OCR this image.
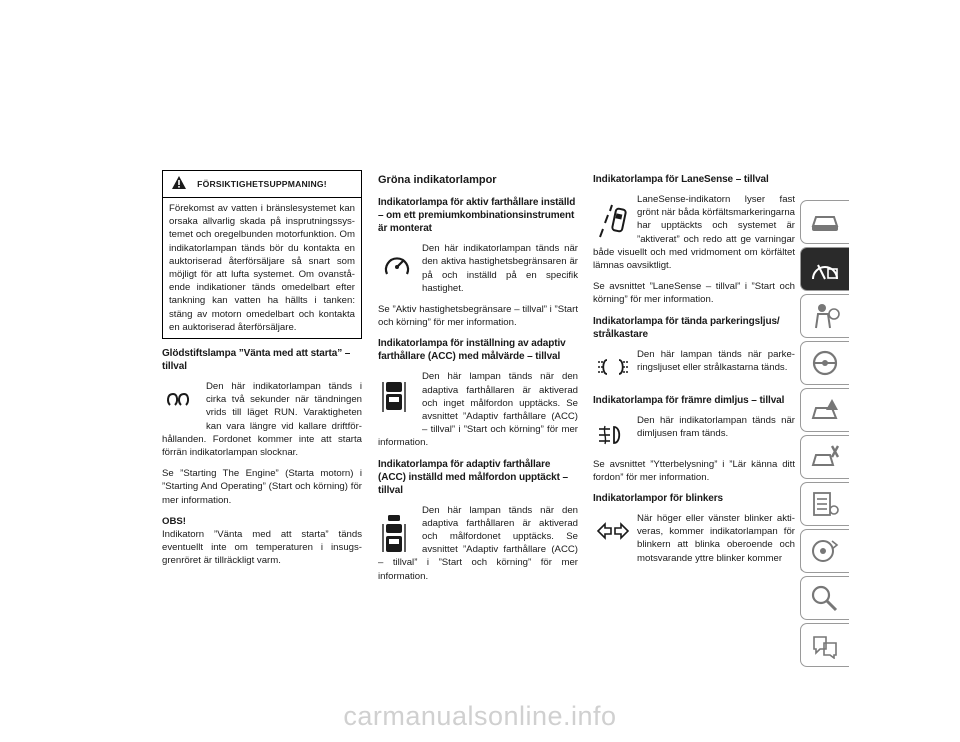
FÖRSIKTIGHETSUPPMANING!
Förekomst av vatten i bränslesystemet kan orsaka allvarlig skada på insprutningssystemet och oregelbunden motorfunktion. Om indikatorlampan tänds bör du kontakta en auktoriserad återförsäljare så snart som möjligt för att lufta systemet. Om ovanstående indikationer tänds omedelbart efter tankning kan vatten ha hällts i tanken: stäng av motorn omedelbart och kontakta en auktoriserad återförsäljare.
Glödstiftslampa ”Vänta med att starta” – tillval

Den här indikatorlampan tänds i cirka två sekunder när tändningen vrids till läget RUN. Varaktigheten kan vara längre vid kallare driftförhållanden. Fordonet kommer inte att starta förrän indikatorlampan slocknar.

Se ”Starting The Engine” (Starta motorn) i ”Starting And Operating” (Start och körning) för mer information.

OBS!

Indikatorn ”Vänta med att starta” tänds eventuellt inte om temperaturen i insugsgrenröret är tillräckligt varm.

Gröna indikatorlampor
Indikatorlampa för aktiv farthållare inställd – om ett premiumkombinationsinstrument är monterat

Den här indikatorlampan tänds när den aktiva hastighetsbegränsaren är på och inställd på en specifik hastighet.

Se ”Aktiv hastighetsbegränsare – tillval” i ”Start och körning” för mer information.

Indikatorlampa för inställning av adaptiv farthållare (ACC) med målvärde – tillval

Den här lampan tänds när den adaptiva farthållaren är aktiverad och inget målfordon upptäcks. Se avsnittet ”Adaptiv farthållare (ACC) – tillval” i ”Start och körning” för mer information.

Indikatorlampa för adaptiv farthållare (ACC) inställd med målfordon upptäckt – tillval

Den här lampan tänds när den adaptiva farthållaren är aktiverad och målfordonet upptäcks. Se avsnittet ”Adaptiv farthållare (ACC) – tillval” i ”Start och körning” för mer information.

Indikatorlampa för LaneSense – tillval

LaneSense-indikatorn lyser fast grönt när båda körfältsmarkeringarna har upptäckts och systemet är ”aktiverat” och redo att ge varningar både visuellt och med vridmoment om körfältet lämnas oavsiktligt.

Se avsnittet ”LaneSense – tillval” i ”Start och körning” för mer information.

Indikatorlampa för tända parkeringsljus/ strålkastare

Den här lampan tänds när parkeringsljuset eller strålkastarna tänds.

Indikatorlampa för främre dimljus – tillval

Den här indikatorlampan tänds när dimljusen fram tänds.

Se avsnittet ”Ytterbelysning” i ”Lär känna ditt fordon” för mer information.

Indikatorlampor för blinkers

När höger eller vänster blinker aktiveras, kommer indikatorlampan för blinkern att blinka oberoende och motsvarande yttre blinker kommer

carmanualsonline.info
